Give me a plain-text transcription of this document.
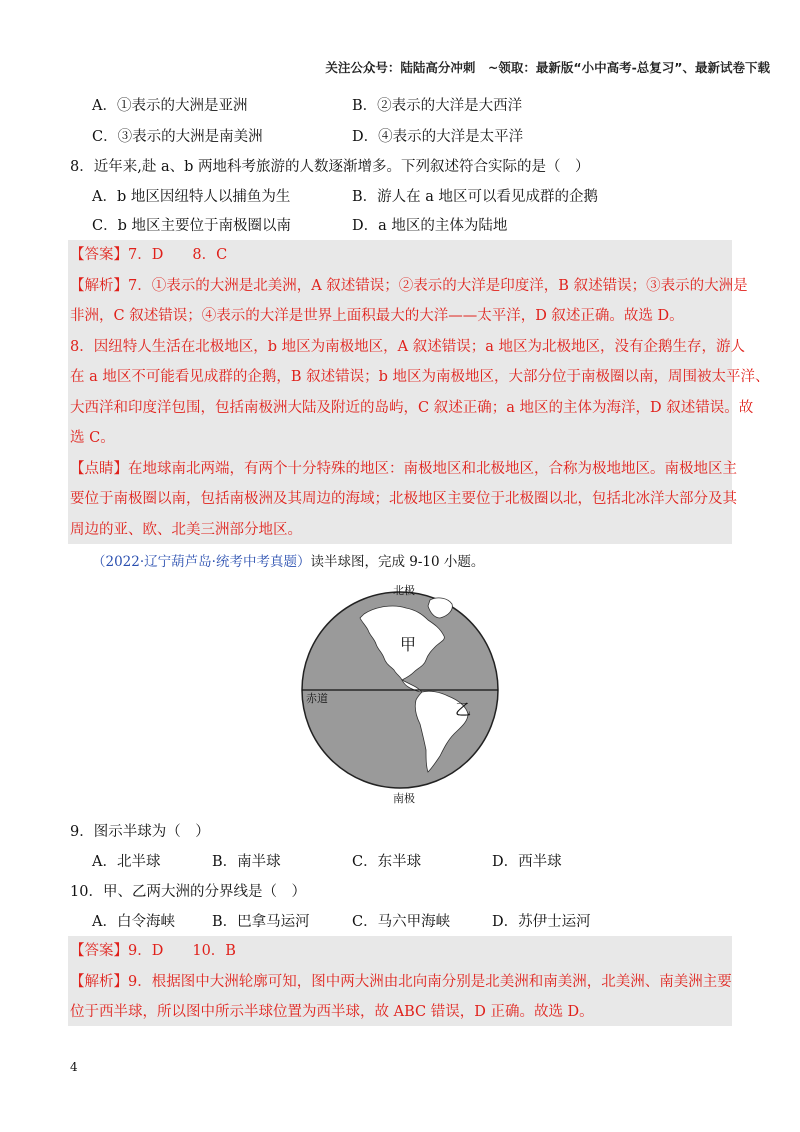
关注公众号：陆陆高分冲刺　~领取：最新版“小中高考-总复习”、最新试卷下载
A．①表示的大洲是亚洲	B．②表示的大洋是大西洋
C．③表示的大洲是南美洲	D．④表示的大洋是太平洋
8．近年来,赴 a、b 两地科考旅游的人数逐渐增多。下列叙述符合实际的是（　）
A．b 地区因纽特人以捕鱼为生	B．游人在 a 地区可以看见成群的企鹅
C．b 地区主要位于南极圈以南	D．a 地区的主体为陆地
【答案】7．D　　8．C
【解析】7．①表示的大洲是北美洲，A 叙述错误；②表示的大洋是印度洋，B 叙述错误；③表示的大洲是
非洲，C 叙述错误；④表示的大洋是世界上面积最大的大洋——太平洋，D 叙述正确。故选 D。
8．因纽特人生活在北极地区，b 地区为南极地区，A 叙述错误；a 地区为北极地区，没有企鹅生存，游人
在 a 地区不可能看见成群的企鹅，B 叙述错误；b 地区为南极地区，大部分位于南极圈以南，周围被太平洋、
大西洋和印度洋包围，包括南极洲大陆及附近的岛屿，C 叙述正确；a 地区的主体为海洋，D 叙述错误。故
选 C。
【点睛】在地球南北两端，有两个十分特殊的地区：南极地区和北极地区，合称为极地地区。南极地区主
要位于南极圈以南，包括南极洲及其周边的海域；北极地区主要位于北极圈以北，包括北冰洋大部分及其
周边的亚、欧、北美三洲部分地区。
（2022·辽宁葫芦岛·统考中考真题）读半球图，完成 9-10 小题。
北极
南极
赤道
甲
乙
9．图示半球为（　）
A．北半球	B．南半球	C．东半球	D．西半球
10．甲、乙两大洲的分界线是（　）
A．白令海峡	B．巴拿马运河	C．马六甲海峡	D．苏伊士运河
【答案】9．D　　10．B
【解析】9．根据图中大洲轮廓可知，图中两大洲由北向南分别是北美洲和南美洲，北美洲、南美洲主要
位于西半球，所以图中所示半球位置为西半球，故 ABC 错误，D 正确。故选 D。
4
